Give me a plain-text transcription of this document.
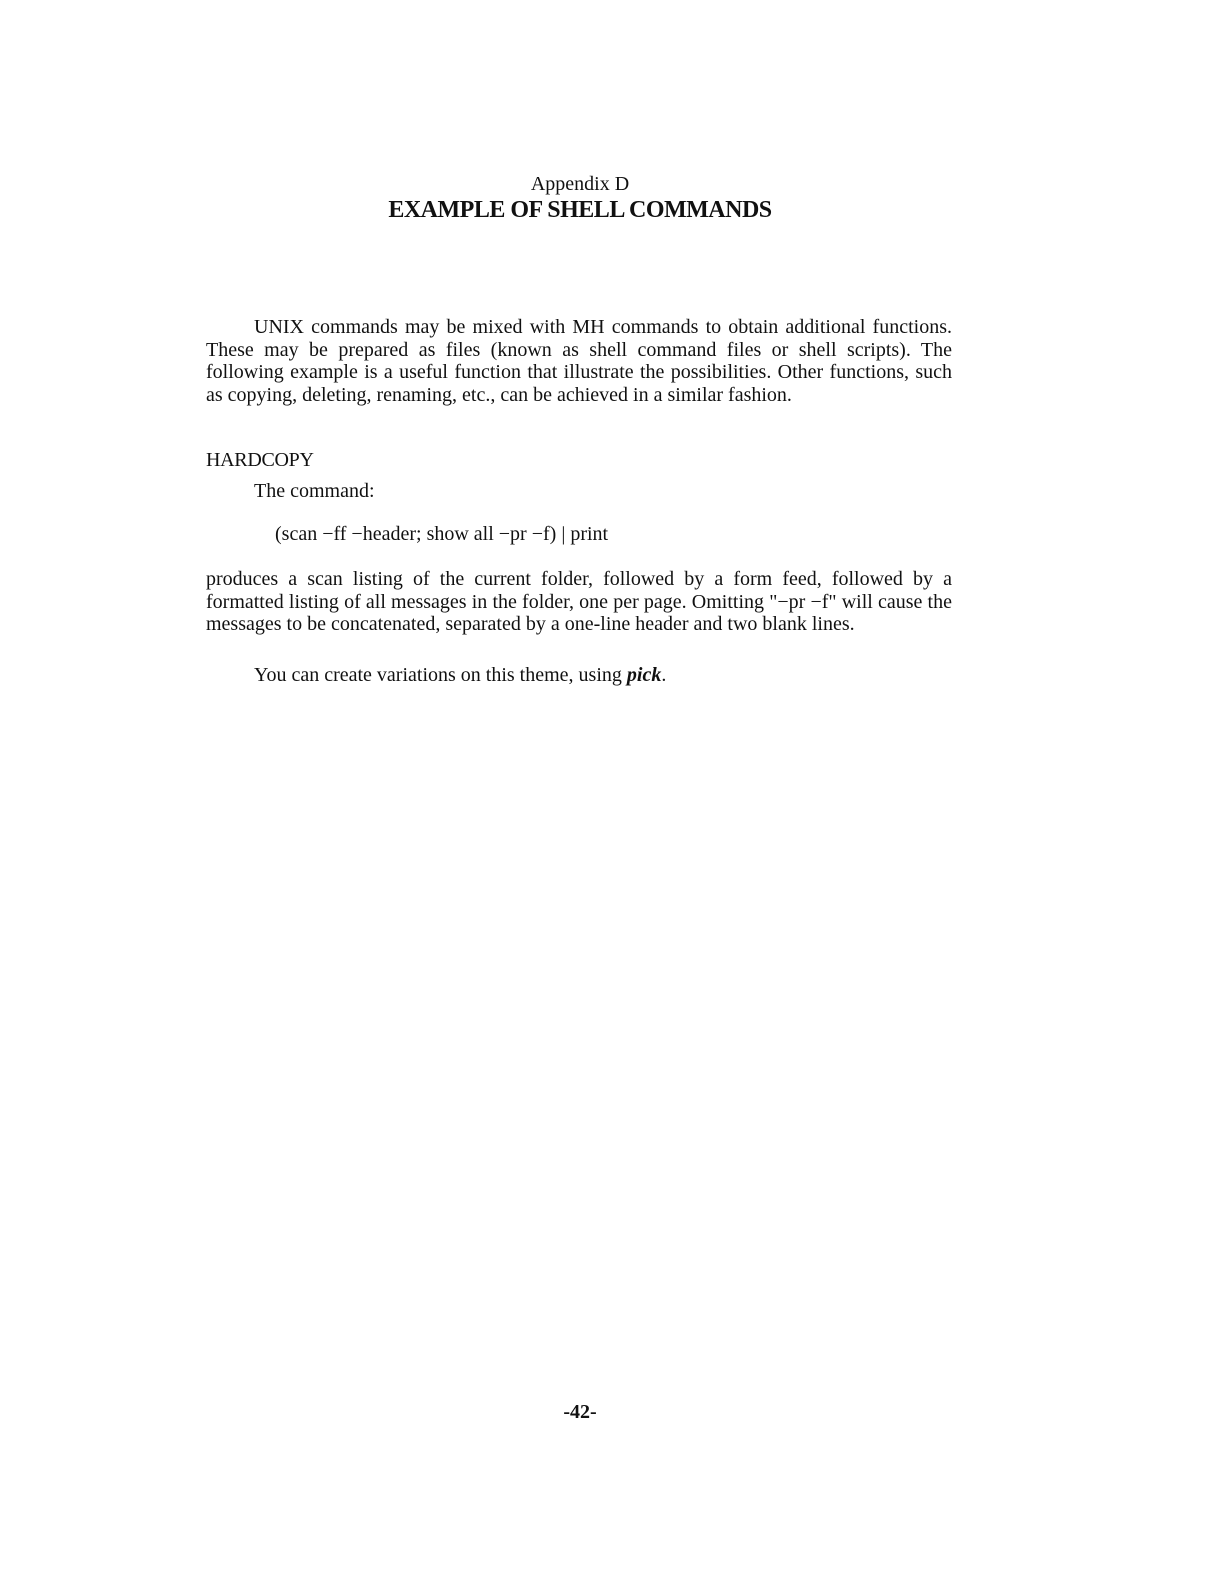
Appendix D
EXAMPLE OF SHELL COMMANDS

UNIX commands may be mixed with MH commands to obtain additional functions. These may be prepared as files (known as shell command files or shell scripts). The following example is a useful function that illustrate the possibilities. Other functions, such as copying, deleting, renaming, etc., can be achieved in a similar fashion.

HARDCOPY
The command:
(scan −ff −header; show all −pr −f) | print

produces a scan listing of the current folder, followed by a form feed, followed by a formatted listing of all messages in the folder, one per page. Omitting "−pr −f" will cause the messages to be concatenated, separated by a one-line header and two blank lines.

You can create variations on this theme, using pick.
-42-
